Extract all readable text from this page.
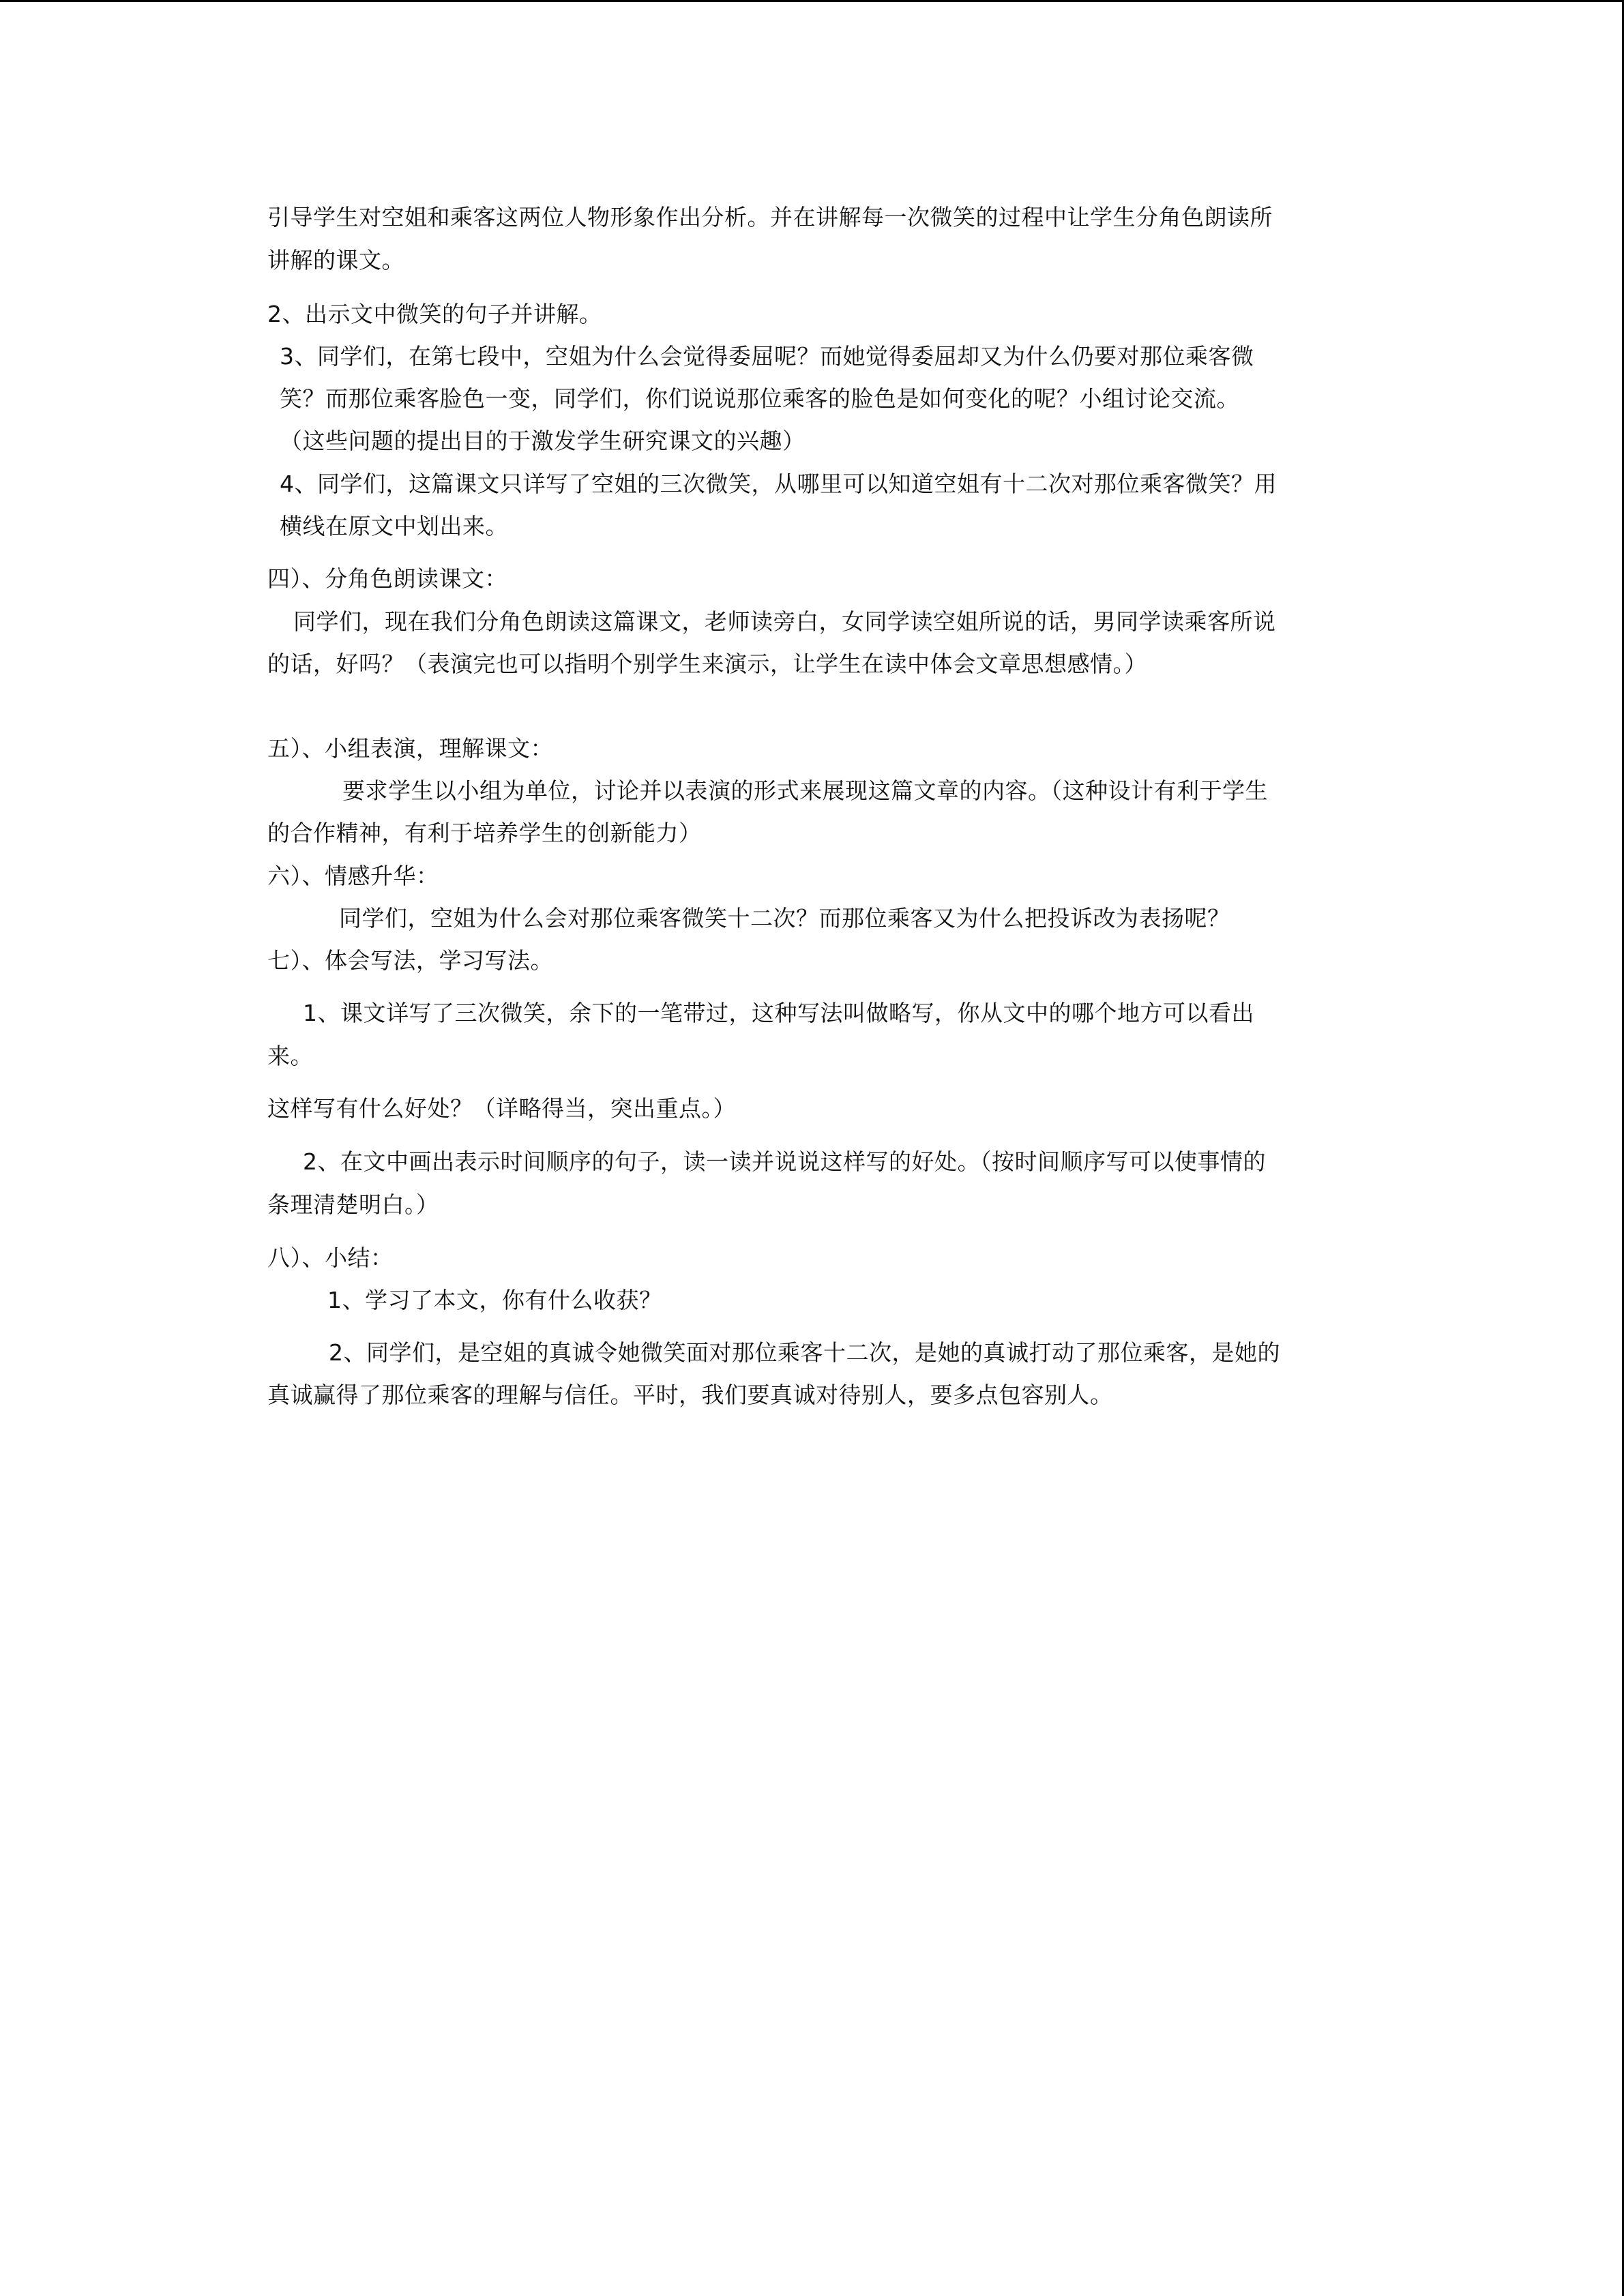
引导学生对空姐和乘客这两位人物形象作出分析。并在讲解每一次微笑的过程中让学生分角色朗读所
讲解的课文。
2、出示文中微笑的句子并讲解。
3、同学们，在第七段中，空姐为什么会觉得委屈呢？而她觉得委屈却又为什么仍要对那位乘客微
笑？而那位乘客脸色一变，同学们，你们说说那位乘客的脸色是如何变化的呢？小组讨论交流。
（这些问题的提出目的于激发学生研究课文的兴趣）
4、同学们，这篇课文只详写了空姐的三次微笑，从哪里可以知道空姐有十二次对那位乘客微笑？用
横线在原文中划出来。
四）、分角色朗读课文：
同学们，现在我们分角色朗读这篇课文，老师读旁白，女同学读空姐所说的话，男同学读乘客所说
的话，好吗？（表演完也可以指明个别学生来演示，让学生在读中体会文章思想感情。）
五）、小组表演，理解课文：
要求学生以小组为单位，讨论并以表演的形式来展现这篇文章的内容。（这种设计有利于学生
的合作精神，有利于培养学生的创新能力）
六）、情感升华：
同学们，空姐为什么会对那位乘客微笑十二次？而那位乘客又为什么把投诉改为表扬呢？
七）、体会写法，学习写法。
1、课文详写了三次微笑，余下的一笔带过，这种写法叫做略写，你从文中的哪个地方可以看出
来。
这样写有什么好处？（详略得当，突出重点。）
2、在文中画出表示时间顺序的句子，读一读并说说这样写的好处。（按时间顺序写可以使事情的
条理清楚明白。）
八）、小结：
1、学习了本文，你有什么收获？
2、同学们，是空姐的真诚令她微笑面对那位乘客十二次，是她的真诚打动了那位乘客，是她的
真诚赢得了那位乘客的理解与信任。平时，我们要真诚对待别人，要多点包容别人。
